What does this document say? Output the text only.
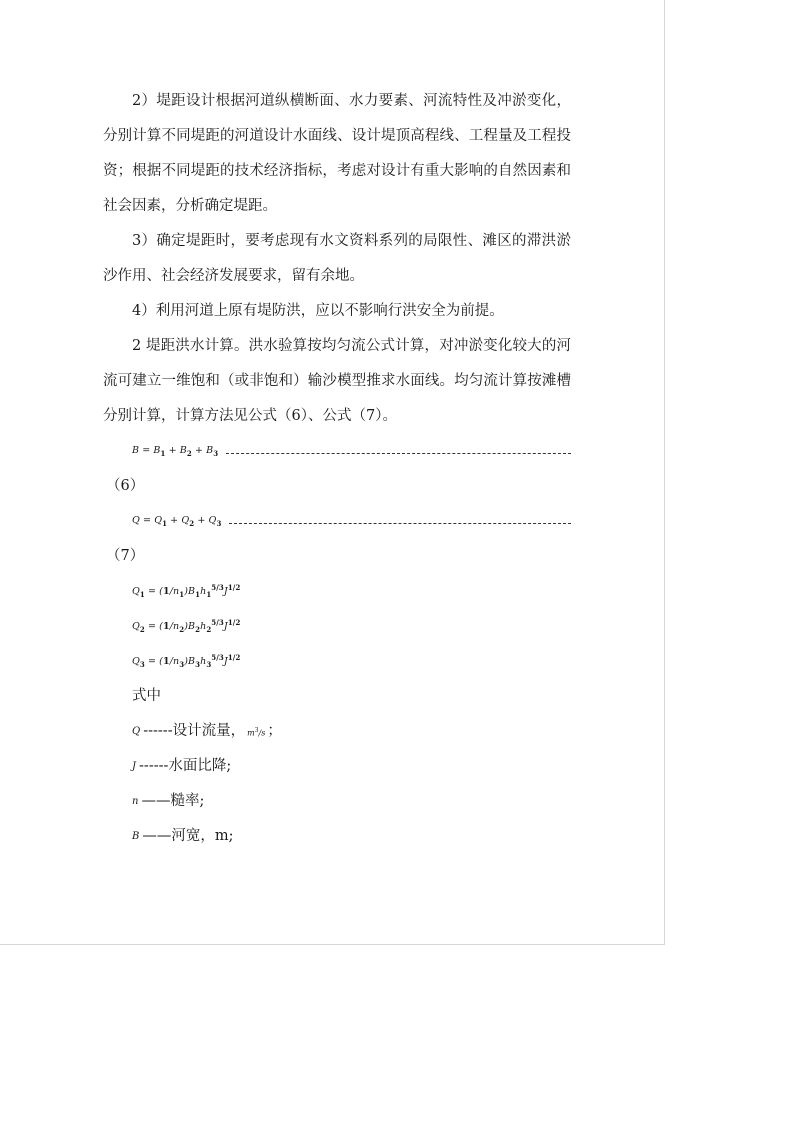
2）堤距设计根据河道纵横断面、水力要素、河流特性及冲淤变化，分别计算不同堤距的河道设计水面线、设计堤顶高程线、工程量及工程投资；根据不同堤距的技术经济指标，考虑对设计有重大影响的自然因素和社会因素，分析确定堤距。

3）确定堤距时，要考虑现有水文资料系列的局限性、滩区的滞洪淤沙作用、社会经济发展要求，留有余地。

4）利用河道上原有堤防洪，应以不影响行洪安全为前提。

2 堤距洪水计算。洪水验算按均匀流公式计算，对冲淤变化较大的河流可建立一维饱和（或非饱和）输沙模型推求水面线。均匀流计算按滩槽分别计算，计算方法见公式（6）、公式（7）。

$B = B_1 + B_2 + B_3$
（6）
$Q = Q_1 + Q_2 + Q_3$
（7）
$Q_1 = (1/n_1)B_1h_1^{5/3}J^{1/2}$
$Q_2 = (1/n_2)B_2h_2^{5/3}J^{1/2}$
$Q_3 = (1/n_3)B_3h_3^{5/3}J^{1/2}$
式中
Q ------设计流量， $m^3/s$ ；
J ------水面比降;
n ——糙率;
B ——河宽，m;
